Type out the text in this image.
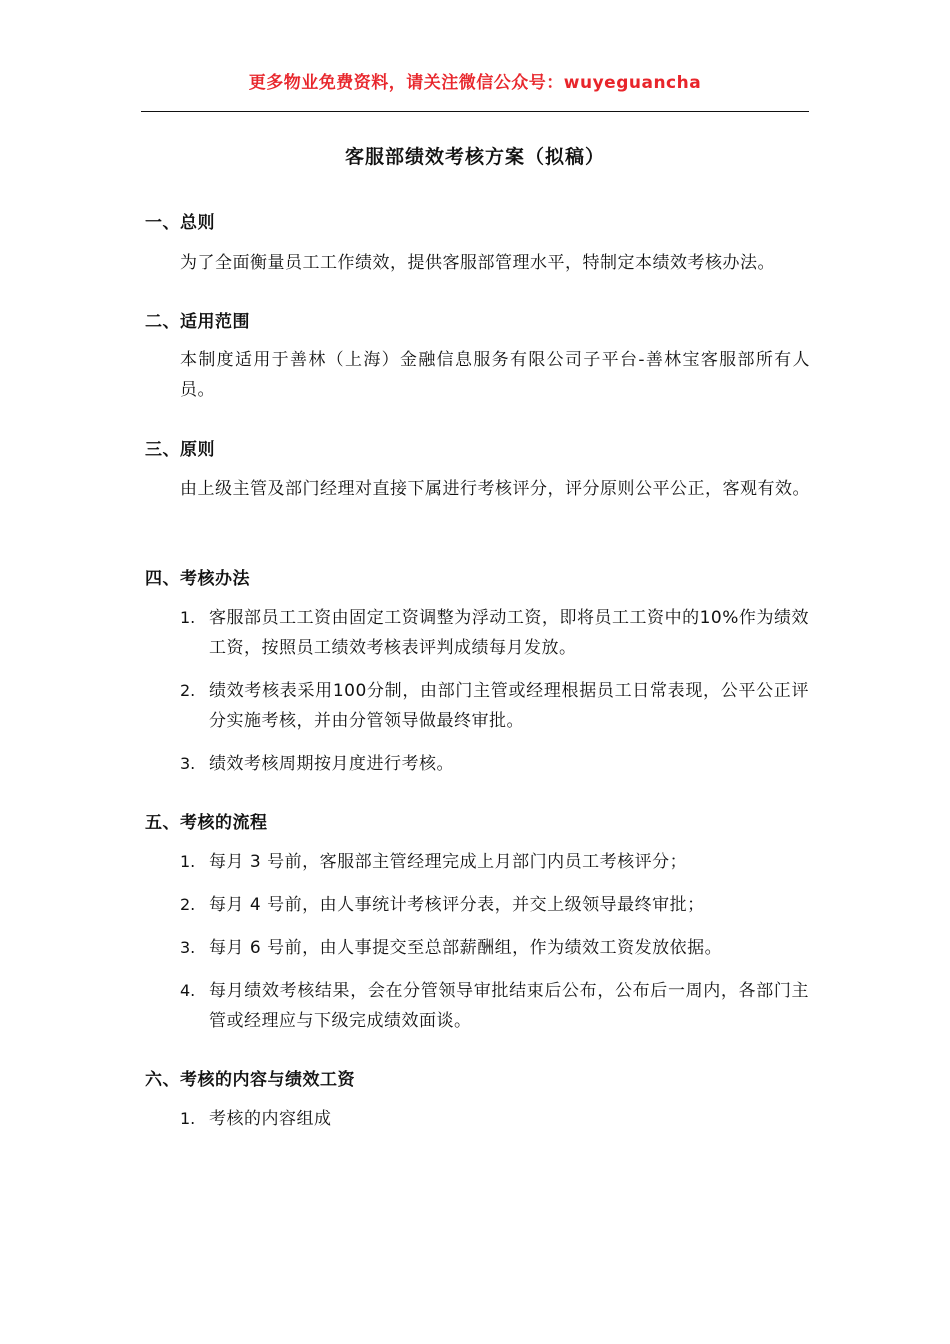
更多物业免费资料，请关注微信公众号：wuyeguancha
客服部绩效考核方案（拟稿）
一、总则
为了全面衡量员工工作绩效，提供客服部管理水平，特制定本绩效考核办法。
二、适用范围
本制度适用于善林（上海）金融信息服务有限公司子平台-善林宝客服部所有人员。
三、原则
由上级主管及部门经理对直接下属进行考核评分，评分原则公平公正，客观有效。
四、考核办法
1. 客服部员工工资由固定工资调整为浮动工资，即将员工工资中的10%作为绩效工资，按照员工绩效考核表评判成绩每月发放。
2. 绩效考核表采用100分制，由部门主管或经理根据员工日常表现，公平公正评分实施考核，并由分管领导做最终审批。
3. 绩效考核周期按月度进行考核。
五、考核的流程
1. 每月 3 号前，客服部主管经理完成上月部门内员工考核评分；
2. 每月 4 号前，由人事统计考核评分表，并交上级领导最终审批；
3. 每月 6 号前，由人事提交至总部薪酬组，作为绩效工资发放依据。
4. 每月绩效考核结果，会在分管领导审批结束后公布，公布后一周内，各部门主管或经理应与下级完成绩效面谈。
六、考核的内容与绩效工资
1. 考核的内容组成
